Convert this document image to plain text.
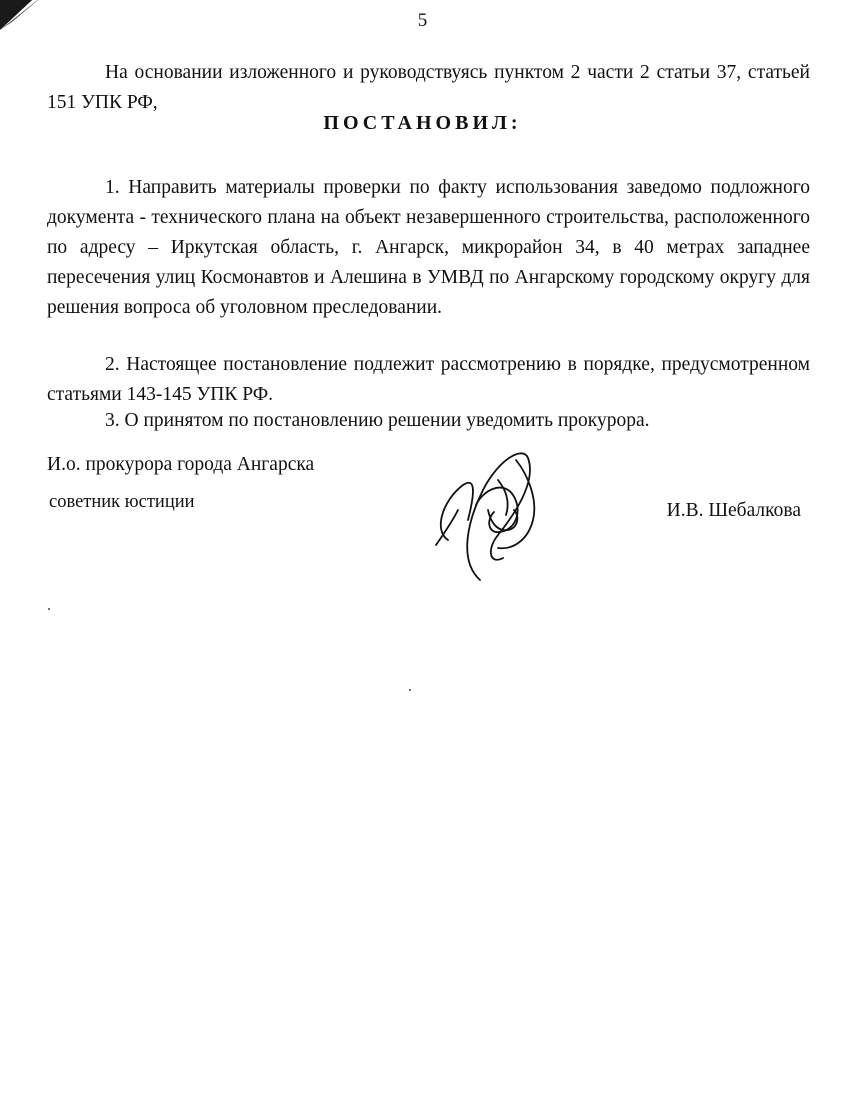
5
На основании изложенного и руководствуясь пунктом 2 части 2 статьи 37, статьей 151 УПК РФ,
ПОСТАНОВИЛ:
1. Направить материалы проверки по факту использования заведомо подложного документа - технического плана на объект незавершенного строительства, расположенного по адресу – Иркутская область, г. Ангарск, микрорайон 34, в 40 метрах западнее пересечения улиц Космонавтов и Алешина в УМВД по Ангарскому городскому округу для решения вопроса об уголовном преследовании.
2. Настоящее постановление подлежит рассмотрению в порядке, предусмотренном статьями 143-145 УПК РФ.
3. О принятом по постановлению решении уведомить прокурора.
И.о. прокурора города Ангарска
советник юстиции	И.В. Шебалкова
